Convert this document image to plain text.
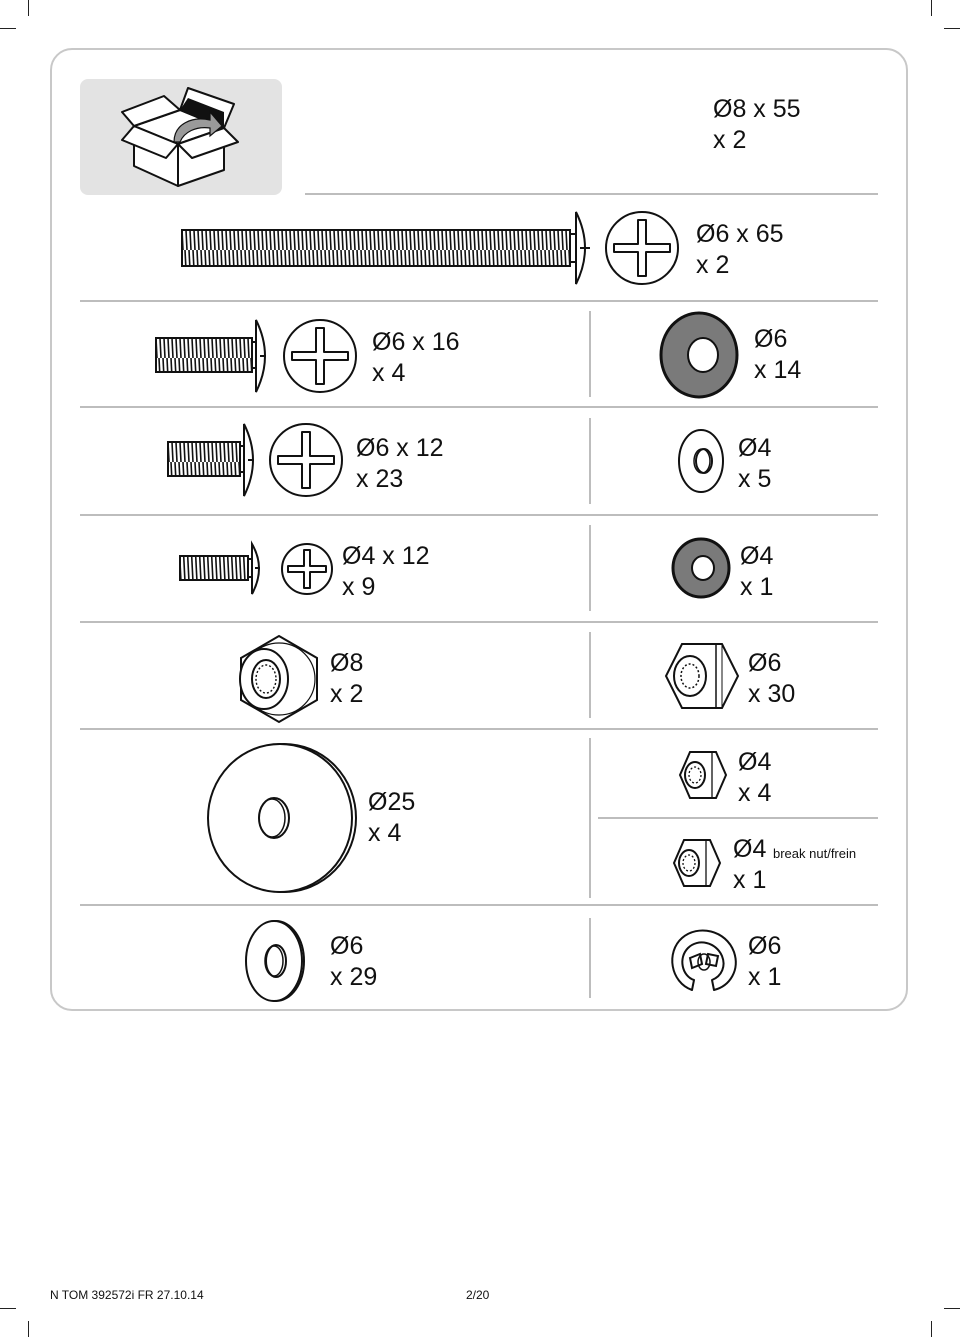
Ø8 x 55
x 2
Ø6 x 65
x 2
Ø6 x 16
x 4
Ø6
x 14
Ø6 x 12
x 23
Ø4
x 5
Ø4 x 12
x 9
Ø4
x 1
Ø8
x 2
Ø6
x 30
Ø25
x 4
Ø4
x 4
Ø4 break nut/frein
x 1
Ø6
x 29
Ø6
x 1
N TOM 392572i FR 27.10.14	2/20
